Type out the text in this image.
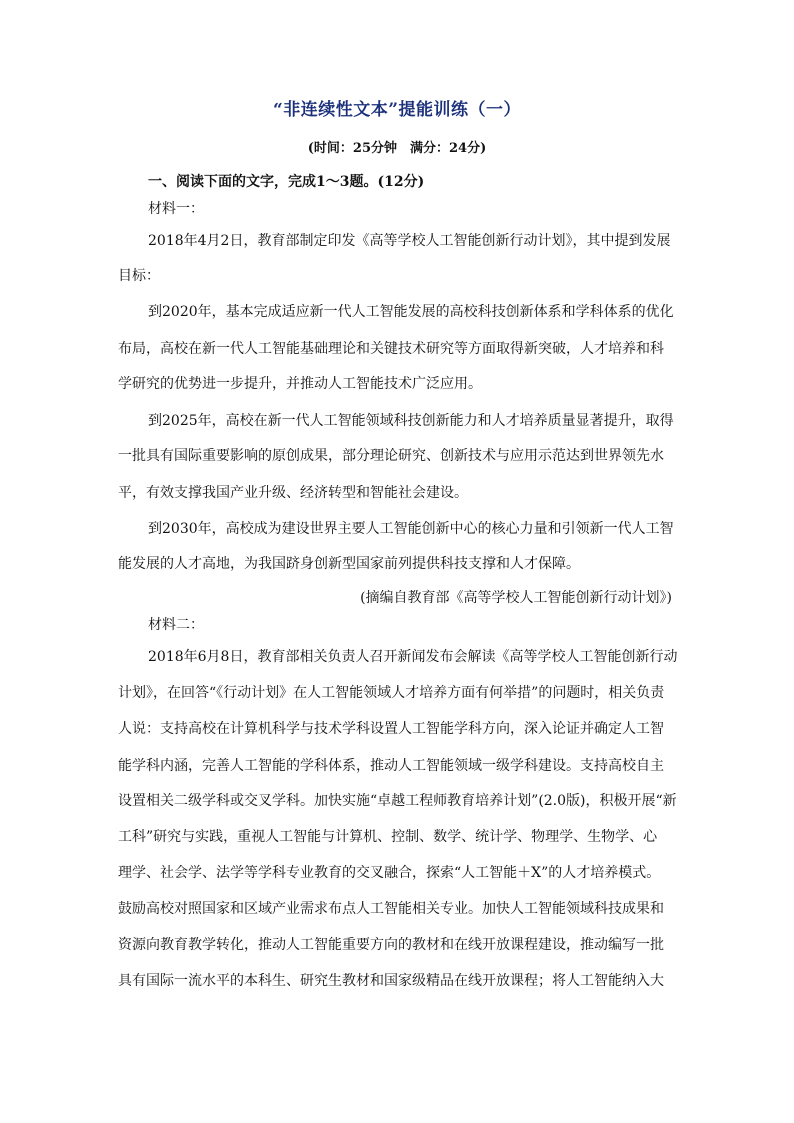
“非连续性文本”提能训练（一）
(时间：25分钟　满分：24分)
一、阅读下面的文字，完成1～3题。(12分)
材料一：
2018年4月2日，教育部制定印发《高等学校人工智能创新行动计划》，其中提到发展
目标：
到2020年，基本完成适应新一代人工智能发展的高校科技创新体系和学科体系的优化
布局，高校在新一代人工智能基础理论和关键技术研究等方面取得新突破，人才培养和科
学研究的优势进一步提升，并推动人工智能技术广泛应用。
到2025年，高校在新一代人工智能领域科技创新能力和人才培养质量显著提升，取得
一批具有国际重要影响的原创成果，部分理论研究、创新技术与应用示范达到世界领先水
平，有效支撑我国产业升级、经济转型和智能社会建设。
到2030年，高校成为建设世界主要人工智能创新中心的核心力量和引领新一代人工智
能发展的人才高地，为我国跻身创新型国家前列提供科技支撑和人才保障。
(摘编自教育部《高等学校人工智能创新行动计划》)
材料二：
2018年6月8日，教育部相关负责人召开新闻发布会解读《高等学校人工智能创新行动
计划》，在回答“《行动计划》在人工智能领域人才培养方面有何举措”的问题时，相关负责
人说：支持高校在计算机科学与技术学科设置人工智能学科方向，深入论证并确定人工智
能学科内涵，完善人工智能的学科体系，推动人工智能领域一级学科建设。支持高校自主
设置相关二级学科或交叉学科。加快实施“卓越工程师教育培养计划”(2.0版)，积极开展“新
工科”研究与实践，重视人工智能与计算机、控制、数学、统计学、物理学、生物学、心
理学、社会学、法学等学科专业教育的交叉融合，探索“人工智能＋X”的人才培养模式。
鼓励高校对照国家和区域产业需求布点人工智能相关专业。加快人工智能领域科技成果和
资源向教育教学转化，推动人工智能重要方向的教材和在线开放课程建设，推动编写一批
具有国际一流水平的本科生、研究生教材和国家级精品在线开放课程；将人工智能纳入大
